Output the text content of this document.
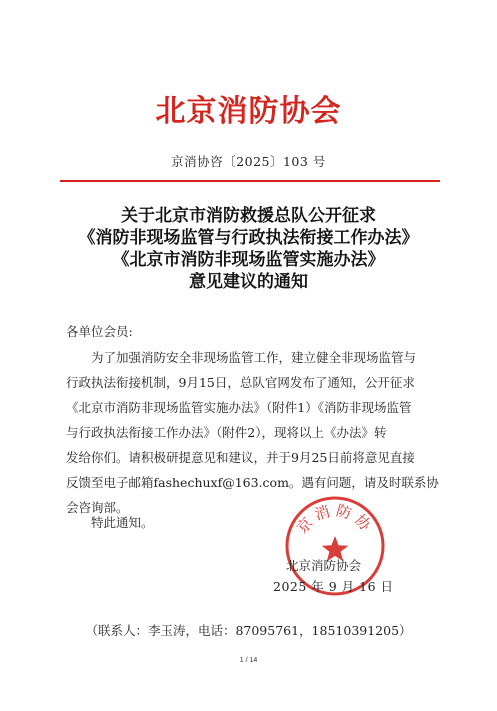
北京消防协会
京消协咨〔2025〕103 号
关于北京市消防救援总队公开征求
《消防非现场监管与行政执法衔接工作办法》
《北京市消防非现场监管实施办法》
意见建议的通知
各单位会员:
为了加强消防安全非现场监管工作，建立健全非现场监管与
行政执法衔接机制，9月15日，总队官网发布了通知，公开征求
《北京市消防非现场监管实施办法》（附件1）《消防非现场监管
与行政执法衔接工作办法》（附件2），现将以上《办法》转
发给你们。请积极研提意见和建议，并于9月25日前将意见直接
反馈至电子邮箱fashechuxf@163.com。遇有问题，请及时联系协
会咨询部。
特此通知。	京消防协
北京消防协会
2025 年 9 月 16 日
（联系人：李玉涛，电话：87095761，18510391205）
1 / 14
